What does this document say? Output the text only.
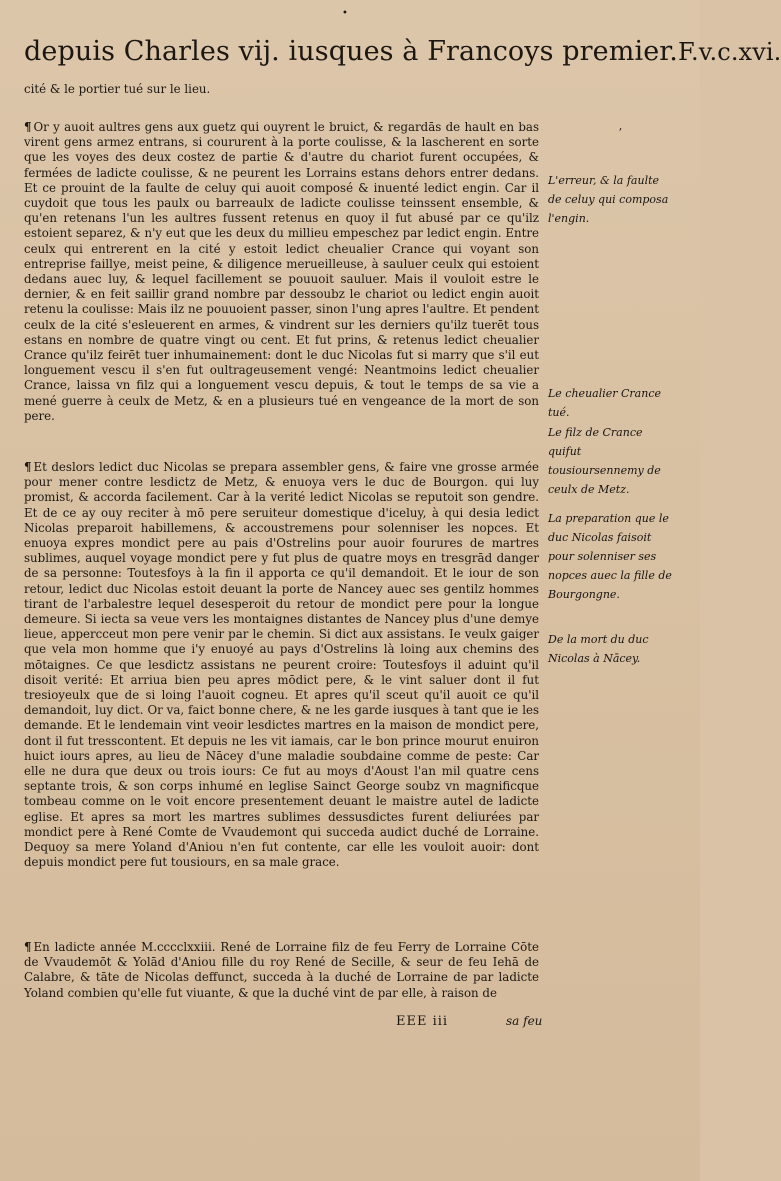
•
depuis Charles vij. iusques à Francoys premier. F.v.c.xvi.

cité & le portier tué sur le lieu.

¶ Or y auoit aultres gens aux guetz qui ouyrent le bruict, & regardās de hault en bas virent gens armez entrans, si coururent à la porte coulisse, & la lascherent en sorte que les voyes des deux costez de partie & d'autre du chariot furent occupées, & fermées de ladicte coulisse, & ne peurent les Lorrains estans dehors entrer dedans. Et ce prouint de la faulte de celuy qui auoit composé & inuenté ledict engin. Car il cuydoit que tous les paulx ou barreaulx de ladicte coulisse teinssent ensemble, & qu'en retenans l'un les aultres fussent retenus en quoy il fut abusé par ce qu'ilz estoient separez, & n'y eut que les deux du millieu empeschez par ledict engin. Entre ceulx qui entrerent en la cité y estoit ledict cheualier Crance qui voyant son entreprise faillye, meist peine, & diligence merueilleuse, à sauluer ceulx qui estoient dedans auec luy, & lequel facillement se pouuoit sauluer. Mais il vouloit estre le dernier, & en feit saillir grand nombre par dessoubz le chariot ou ledict engin auoit retenu la coulisse: Mais ilz ne pouuoient passer, sinon l'ung apres l'aultre. Et pendent ceulx de la cité s'esleuerent en armes, & vindrent sur les derniers qu'ilz tuerēt tous estans en nombre de quatre vingt ou cent. Et fut prins, & retenus ledict cheualier Crance qu'ilz feirēt tuer inhumainement: dont le duc Nicolas fut si marry que s'il eut longuement vescu il s'en fut oultrageusement vengé: Neantmoins ledict cheualier Crance, laissa vn filz qui a longuement vescu depuis, & tout le temps de sa vie a mené guerre à ceulx de Metz, & en a plusieurs tué en vengeance de la mort de son pere.

¶ Et deslors ledict duc Nicolas se prepara assembler gens, & faire vne grosse armée pour mener contre lesdictz de Metz, & enuoya vers le duc de Bourgon. qui luy promist, & accorda facilement. Car à la verité ledict Nicolas se reputoit son gendre. Et de ce ay ouy reciter à mō pere seruiteur domestique d'iceluy, à qui desia ledict Nicolas preparoit habillemens, & accoustremens pour solenniser les nopces. Et enuoya expres mondict pere au pais d'Ostrelins pour auoir fourures de martres sublimes, auquel voyage mondict pere y fut plus de quatre moys en tresgrād danger de sa personne: Toutesfoys à la fin il apporta ce qu'il demandoit. Et le iour de son retour, ledict duc Nicolas estoit deuant la porte de Nancey auec ses gentilz hommes tirant de l'arbalestre lequel desesperoit du retour de mondict pere pour la longue demeure. Si iecta sa veue vers les montaignes distantes de Nancey plus d'une demye lieue, appercceut mon pere venir par le chemin. Si dict aux assistans. Ie veulx gaiger que vela mon homme que i'y enuoyé au pays d'Ostrelins là loing aux chemins des mōtaignes. Ce que lesdictz assistans ne peurent croire: Toutesfoys il aduint qu'il disoit verité: Et arriua bien peu apres mōdict pere, & le vint saluer dont il fut tresioyeulx que de si loing l'auoit cogneu. Et apres qu'il sceut qu'il auoit ce qu'il demandoit, luy dict. Or va, faict bonne chere, & ne les garde iusques à tant que ie les demande. Et le lendemain vint veoir lesdictes martres en la maison de mondict pere, dont il fut tresscontent. Et depuis ne les vit iamais, car le bon prince mourut enuiron huict iours apres, au lieu de Nācey d'une maladie soubdaine comme de peste: Car elle ne dura que deux ou trois iours: Ce fut au moys d'Aoust l'an mil quatre cens septante trois, & son corps inhumé en leglise Sainct George soubz vn magnificque tombeau comme on le voit encore presentement deuant le maistre autel de ladicte eglise. Et apres sa mort les martres sublimes dessusdictes furent deliurées par mondict pere à René Comte de Vvaudemont qui succeda audict duché de Lorraine. Dequoy sa mere Yoland d'Aniou n'en fut contente, car elle les vouloit auoir: dont depuis mondict pere fut tousiours, en sa male grace.

¶ En ladicte année M.cccclxxiii. René de Lorraine filz de feu Ferry de Lorraine Cōte de Vvaudemōt & Yolād d'Aniou fille du roy René de Secille, & seur de feu Iehā de Calabre, & tāte de Nicolas deffunct, succeda à la duché de Lorraine de par ladicte Yoland combien qu'elle fut viuante, & que la duché vint de par elle, à raison de

L'erreur, & la faulte de celuy qui composa l'engin.
Le cheualier Crance tué.
Le filz de Crance quifut tousioursennemy de ceulx de Metz.
La preparation que le duc Nicolas faisoit pour solenniser ses nopces auec la fille de Bourgongne.
De la mort du duc Nicolas à Nācey.
ʼ
EEE iii	sa feu
